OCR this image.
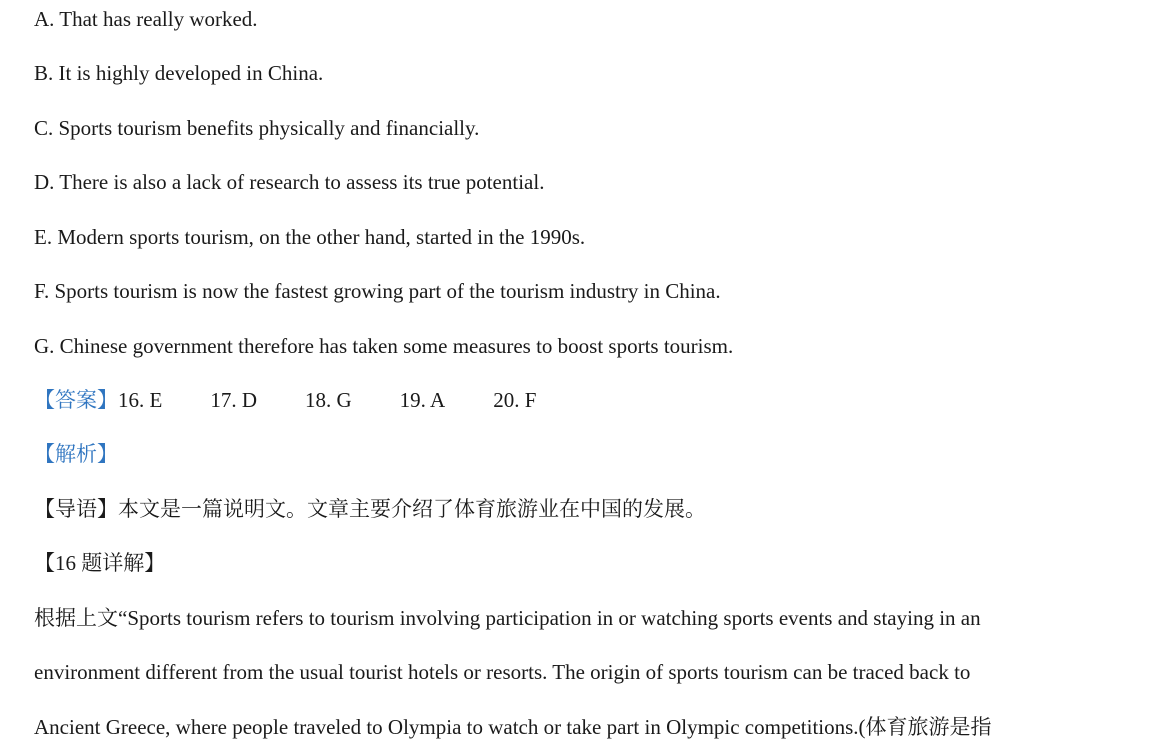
A. That has really worked.
B. It is highly developed in China.
C. Sports tourism benefits physically and financially.
D. There is also a lack of research to assess its true potential.
E. Modern sports tourism, on the other hand, started in the 1990s.
F. Sports tourism is now the fastest growing part of the tourism industry in China.
G. Chinese government therefore has taken some measures to boost sports tourism.
【答案】16. E 17. D 18. G 19. A 20. F
【解析】
【导语】本文是一篇说明文。文章主要介绍了体育旅游业在中国的发展。
【16 题详解】
根据上文“Sports tourism refers to tourism involving participation in or watching sports events and staying in an
environment different from the usual tourist hotels or resorts. The origin of sports tourism can be traced back to
Ancient Greece, where people traveled to Olympia to watch or take part in Olympic competitions.(体育旅游是指
